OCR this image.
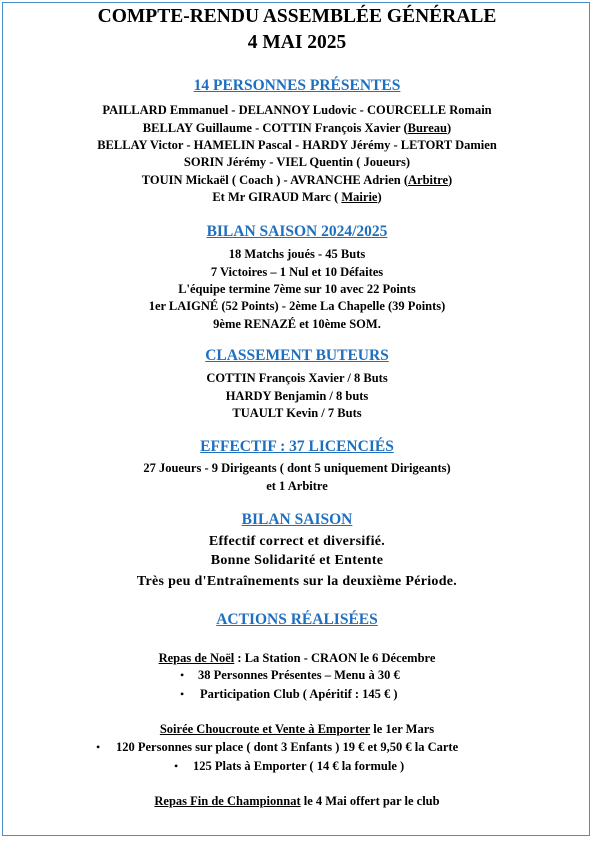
COMPTE-RENDU ASSEMBLÉE GÉNÉRALE
4 MAI 2025
14 PERSONNES PRÉSENTES
PAILLARD Emmanuel - DELANNOY Ludovic - COURCELLE Romain
BELLAY Guillaume - COTTIN François Xavier (Bureau)
BELLAY Victor - HAMELIN Pascal - HARDY Jérémy - LETORT Damien
SORIN Jérémy - VIEL Quentin ( Joueurs)
TOUIN Mickaël ( Coach ) - AVRANCHE Adrien (Arbitre)
Et Mr GIRAUD Marc ( Mairie)
BILAN SAISON 2024/2025
18 Matchs joués - 45 Buts
7 Victoires – 1 Nul et 10 Défaites
L'équipe termine 7ème sur 10 avec 22 Points
1er LAIGNÉ (52 Points) - 2ème La Chapelle (39 Points)
9ème RENAZÉ et 10ème SOM.
CLASSEMENT BUTEURS
COTTIN François Xavier / 8 Buts
HARDY Benjamin / 8 buts
TUAULT Kevin / 7 Buts
EFFECTIF : 37 LICENCIÉS
27 Joueurs - 9 Dirigeants ( dont 5 uniquement Dirigeants)
et 1 Arbitre
BILAN SAISON
Effectif correct et diversifié.
Bonne Solidarité et Entente
Très peu d'Entraînements sur la deuxième Période.
ACTIONS RÉALISÉES
Repas de Noël : La Station - CRAON le 6 Décembre
• 38 Personnes Présentes – Menu à 30 €
• Participation Club ( Apéritif : 145 € )
Soirée Choucroute et Vente à Emporter le 1er Mars
• 120 Personnes sur place ( dont 3 Enfants ) 19 € et 9,50 € la Carte
• 125 Plats à Emporter ( 14 € la formule )
Repas Fin de Championnat le 4 Mai offert par le club
